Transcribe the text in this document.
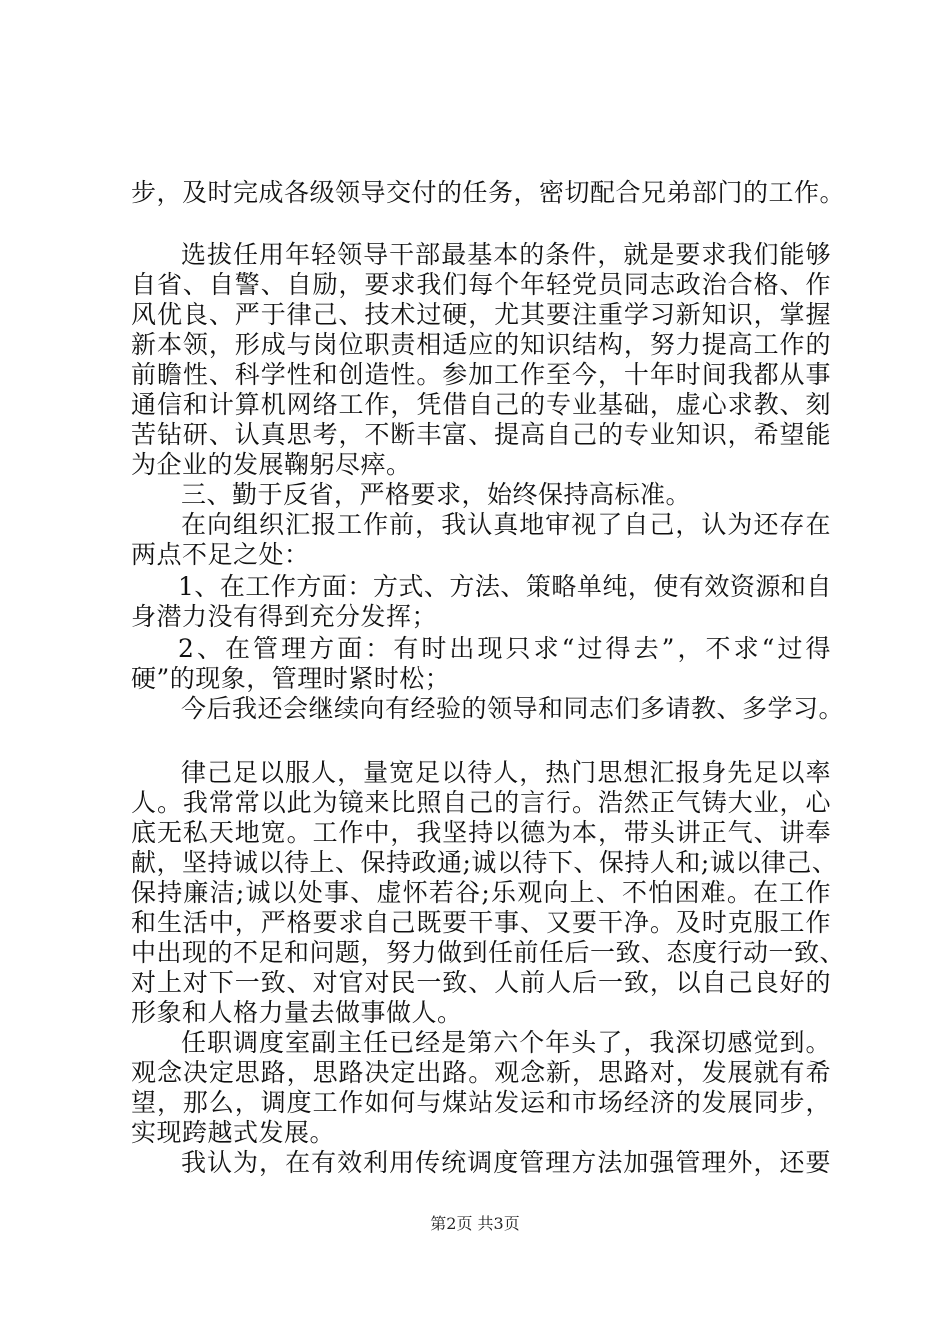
步，及时完成各级领导交付的任务，密切配合兄弟部门的工作。
选拔任用年轻领导干部最基本的条件，就是要求我们能够
自省、自警、自励，要求我们每个年轻党员同志政治合格、作
风优良、严于律己、技术过硬，尤其要注重学习新知识，掌握
新本领，形成与岗位职责相适应的知识结构，努力提高工作的
前瞻性、科学性和创造性。参加工作至今，十年时间我都从事
通信和计算机网络工作，凭借自己的专业基础，虚心求教、刻
苦钻研、认真思考，不断丰富、提高自己的专业知识，希望能
为企业的发展鞠躬尽瘁。
三、勤于反省，严格要求，始终保持高标准。
在向组织汇报工作前，我认真地审视了自己，认为还存在
两点不足之处：
1、在工作方面：方式、方法、策略单纯，使有效资源和自
身潜力没有得到充分发挥；
2、在管理方面：有时出现只求“过得去”，不求“过得
硬”的现象，管理时紧时松；
今后我还会继续向有经验的领导和同志们多请教、多学习。
律己足以服人，量宽足以待人，热门思想汇报身先足以率
人。我常常以此为镜来比照自己的言行。浩然正气铸大业，心
底无私天地宽。工作中，我坚持以德为本，带头讲正气、讲奉
献，坚持诚以待上、保持政通;诚以待下、保持人和;诚以律己、
保持廉洁;诚以处事、虚怀若谷;乐观向上、不怕困难。在工作
和生活中，严格要求自己既要干事、又要干净。及时克服工作
中出现的不足和问题，努力做到任前任后一致、态度行动一致、
对上对下一致、对官对民一致、人前人后一致，以自己良好的
形象和人格力量去做事做人。
任职调度室副主任已经是第六个年头了，我深切感觉到。
观念决定思路，思路决定出路。观念新，思路对，发展就有希
望，那么，调度工作如何与煤站发运和市场经济的发展同步，
实现跨越式发展。
我认为，在有效利用传统调度管理方法加强管理外，还要
第2页 共3页
